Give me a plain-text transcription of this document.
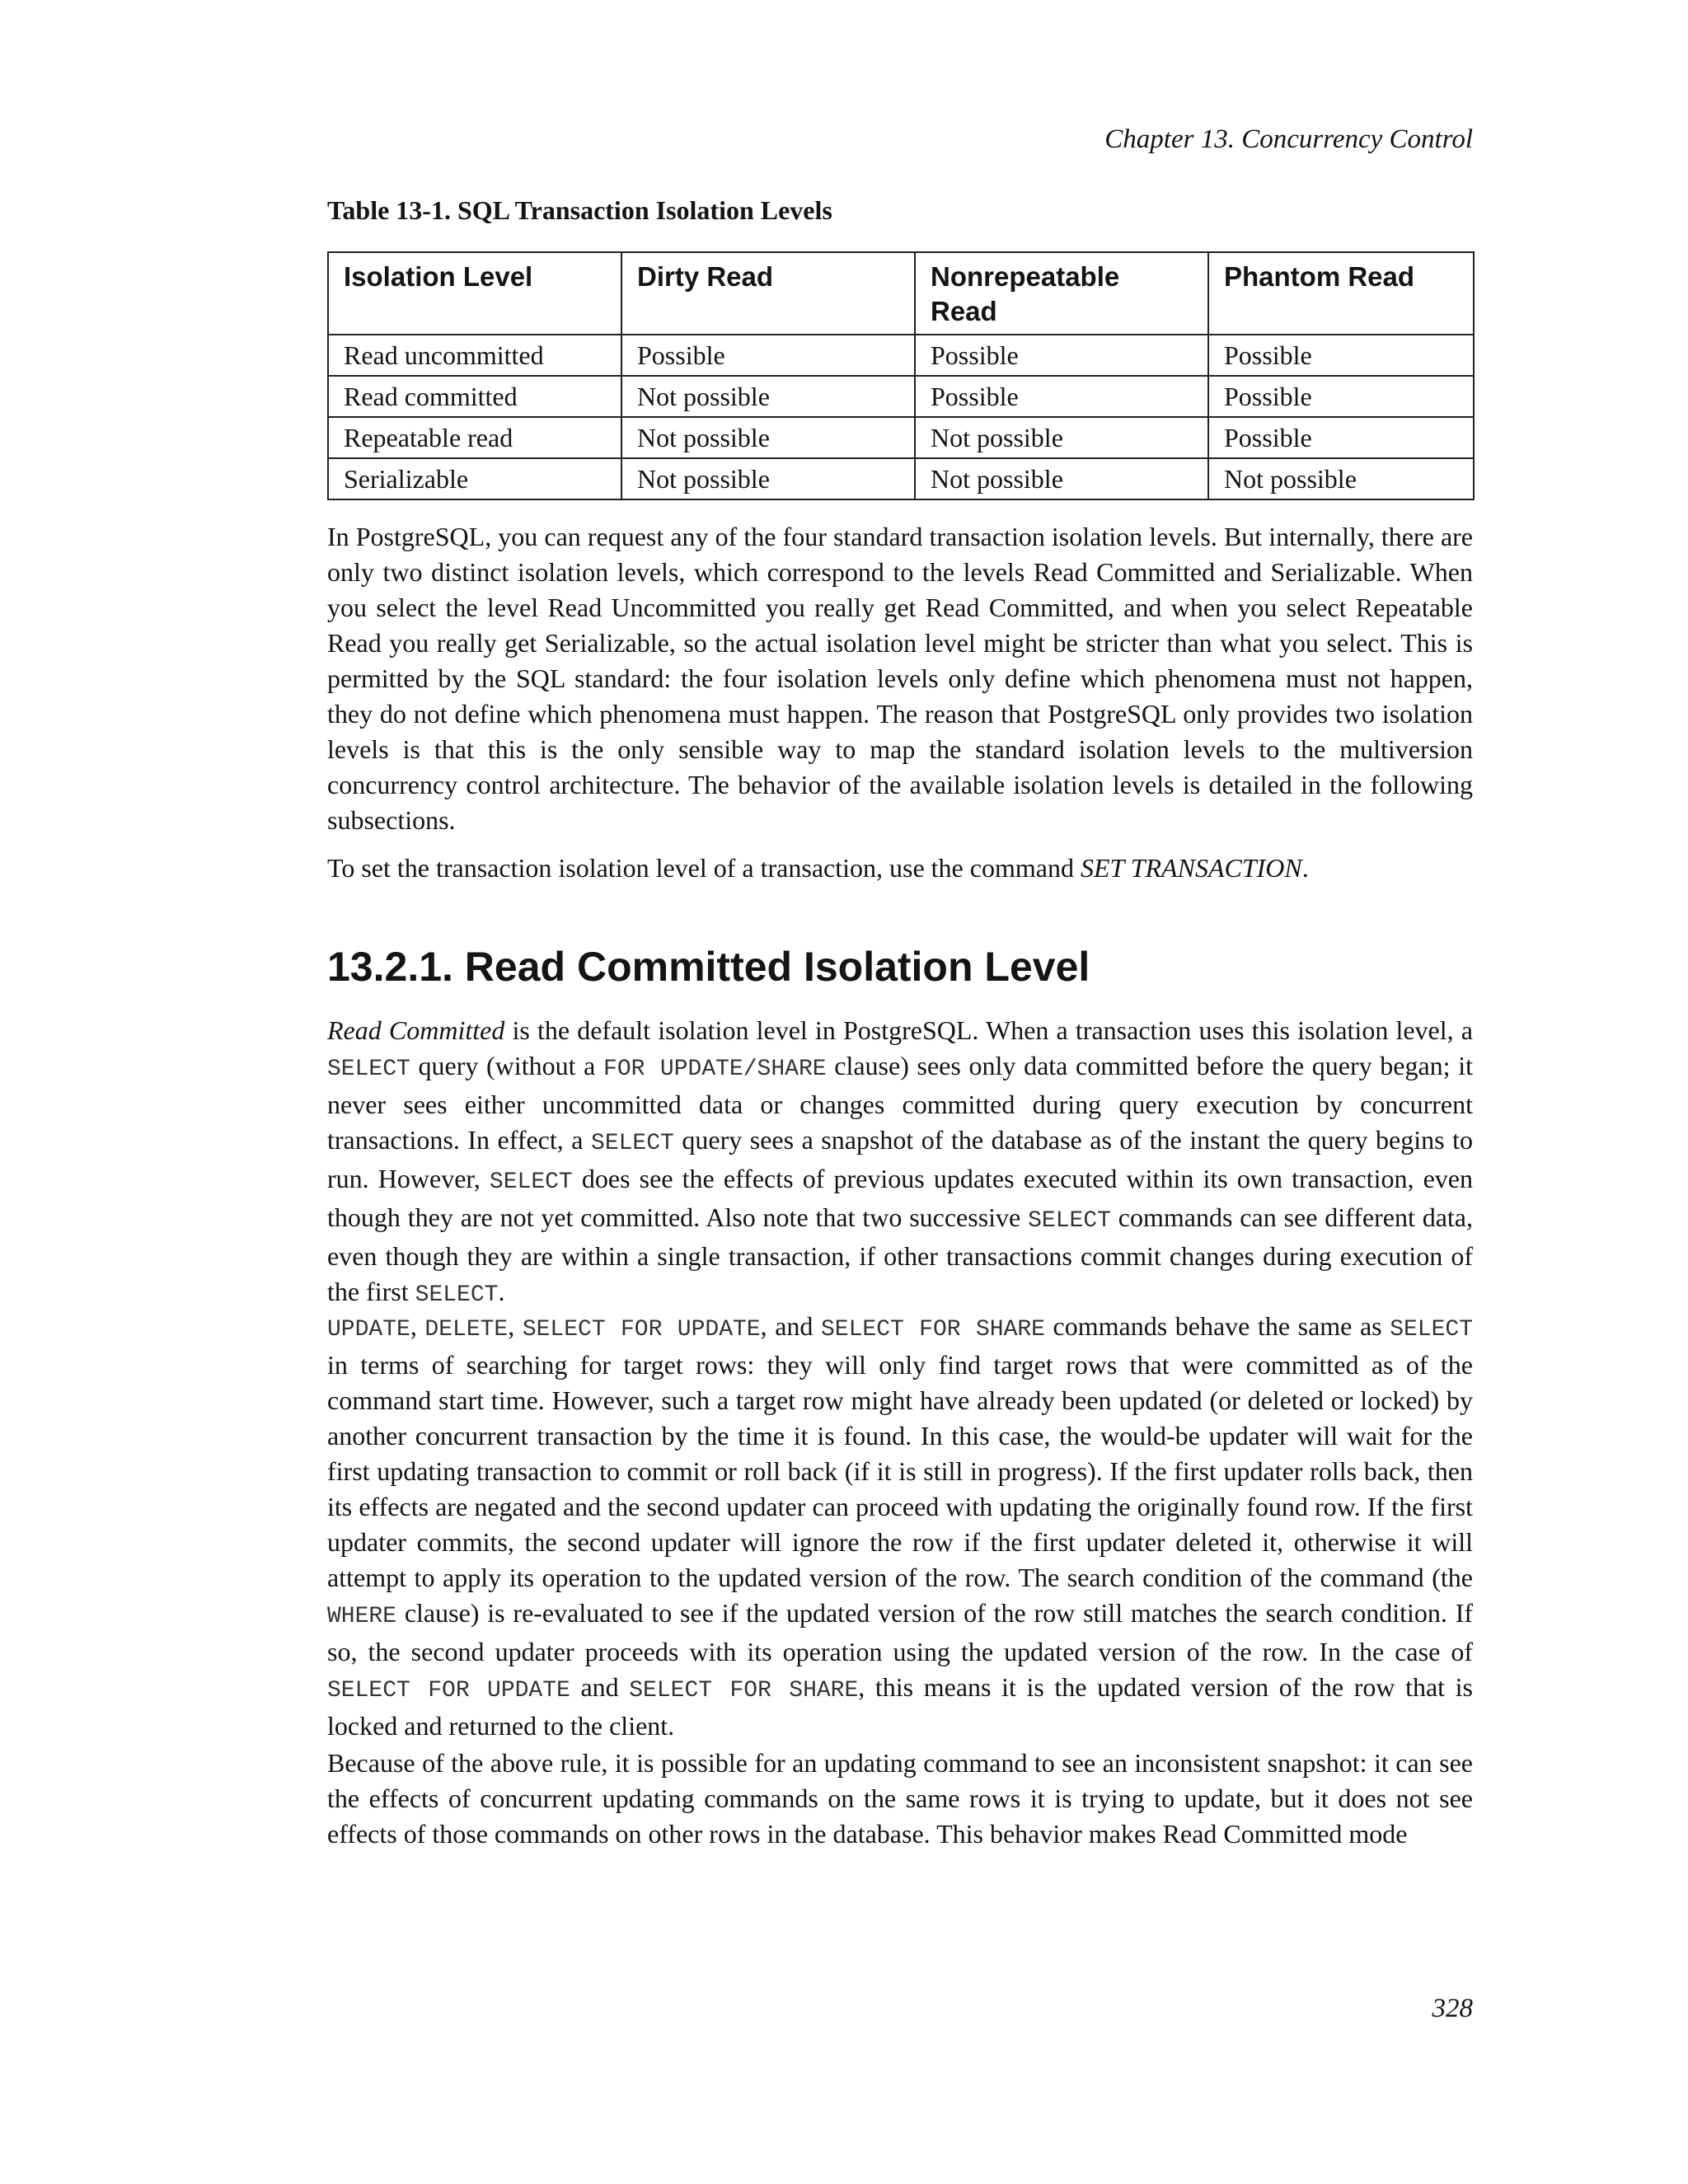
Chapter 13. Concurrency Control
Table 13-1. SQL Transaction Isolation Levels
Isolation Level	Dirty Read	Nonrepeatable Read	Phantom Read
Read uncommitted	Possible	Possible	Possible
Read committed	Not possible	Possible	Possible
Repeatable read	Not possible	Not possible	Possible
Serializable	Not possible	Not possible	Not possible

In PostgreSQL, you can request any of the four standard transaction isolation levels. But internally, there are only two distinct isolation levels, which correspond to the levels Read Committed and Serializable. When you select the level Read Uncommitted you really get Read Committed, and when you select Repeatable Read you really get Serializable, so the actual isolation level might be stricter than what you select. This is permitted by the SQL standard: the four isolation levels only define which phenomena must not happen, they do not define which phenomena must happen. The reason that PostgreSQL only provides two isolation levels is that this is the only sensible way to map the standard isolation levels to the multiversion concurrency control architecture. The behavior of the available isolation levels is detailed in the following subsections.

To set the transaction isolation level of a transaction, use the command SET TRANSACTION.

13.2.1. Read Committed Isolation Level

Read Committed is the default isolation level in PostgreSQL. When a transaction uses this isolation level, a SELECT query (without a FOR UPDATE/SHARE clause) sees only data committed before the query began; it never sees either uncommitted data or changes committed during query execution by concurrent transactions. In effect, a SELECT query sees a snapshot of the database as of the instant the query begins to run. However, SELECT does see the effects of previous updates executed within its own transaction, even though they are not yet committed. Also note that two successive SELECT commands can see different data, even though they are within a single transaction, if other transactions commit changes during execution of the first SELECT.

UPDATE, DELETE, SELECT FOR UPDATE, and SELECT FOR SHARE commands behave the same as SELECT in terms of searching for target rows: they will only find target rows that were committed as of the command start time. However, such a target row might have already been updated (or deleted or locked) by another concurrent transaction by the time it is found. In this case, the would-be updater will wait for the first updating transaction to commit or roll back (if it is still in progress). If the first updater rolls back, then its effects are negated and the second updater can proceed with updating the originally found row. If the first updater commits, the second updater will ignore the row if the first updater deleted it, otherwise it will attempt to apply its operation to the updated version of the row. The search condition of the command (the WHERE clause) is re-evaluated to see if the updated version of the row still matches the search condition. If so, the second updater proceeds with its operation using the updated version of the row. In the case of SELECT FOR UPDATE and SELECT FOR SHARE, this means it is the updated version of the row that is locked and returned to the client.

Because of the above rule, it is possible for an updating command to see an inconsistent snapshot: it can see the effects of concurrent updating commands on the same rows it is trying to update, but it does not see effects of those commands on other rows in the database. This behavior makes Read Committed mode

328
